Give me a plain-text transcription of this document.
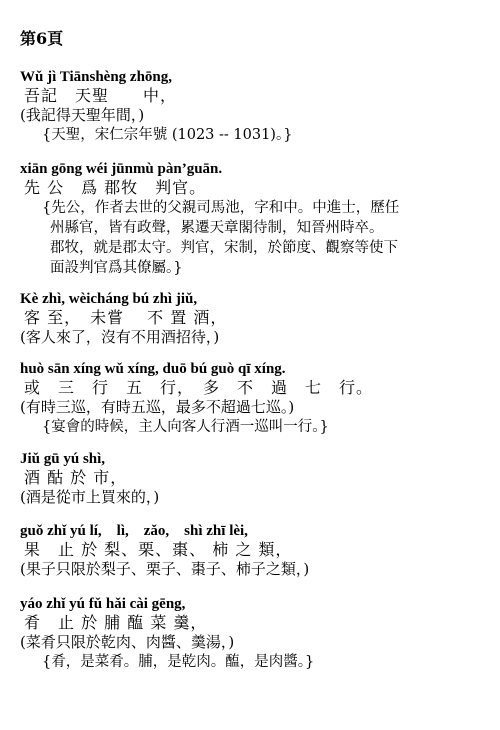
第6頁
Wǔ jì Tiānshèng zhōng,
吾記　天聖　　中，
(我記得天聖年間，)
{天聖，宋仁宗年號 (1023 -- 1031)。}
xiān gōng wéi jūnmù pàn’guān.
先 公　爲 郡牧　判官。
{先公，作者去世的父親司馬池，字和中。中進士，歷任
州縣官，皆有政聲，累遷天章閣待制，知晉州時卒。
郡牧，就是郡太守。判官，宋制，於節度、觀察等使下
面設判官爲其僚屬。}
Kè zhì, wèicháng bú zhì jiǔ,
客 至，　未嘗　 不 置 酒，
(客人來了，沒有不用酒招待，)
huò sān xíng wǔ xíng, duō bú guò qī xíng.
或　三　行　五　行，　多　不　過　七　行。
(有時三巡，有時五巡，最多不超過七巡。)
{宴會的時候，主人向客人行酒一巡叫一行。}
Jiǔ gū yú shì,
酒 酤 於 市，
(酒是從市上買來的，)
guǒ zhǐ yú lí,　lì,　zǎo,　shì zhī lèi,
果　止 於 梨、栗、棗、 柿 之 類，
(果子只限於梨子、栗子、棗子、柿子之類，)
yáo zhǐ yú fǔ hǎi cài gēng,
肴　止 於 脯 醢 菜 羹，
(菜肴只限於乾肉、肉醬、羹湯，)
{肴，是菜肴。脯，是乾肉。醢，是肉醬。}
